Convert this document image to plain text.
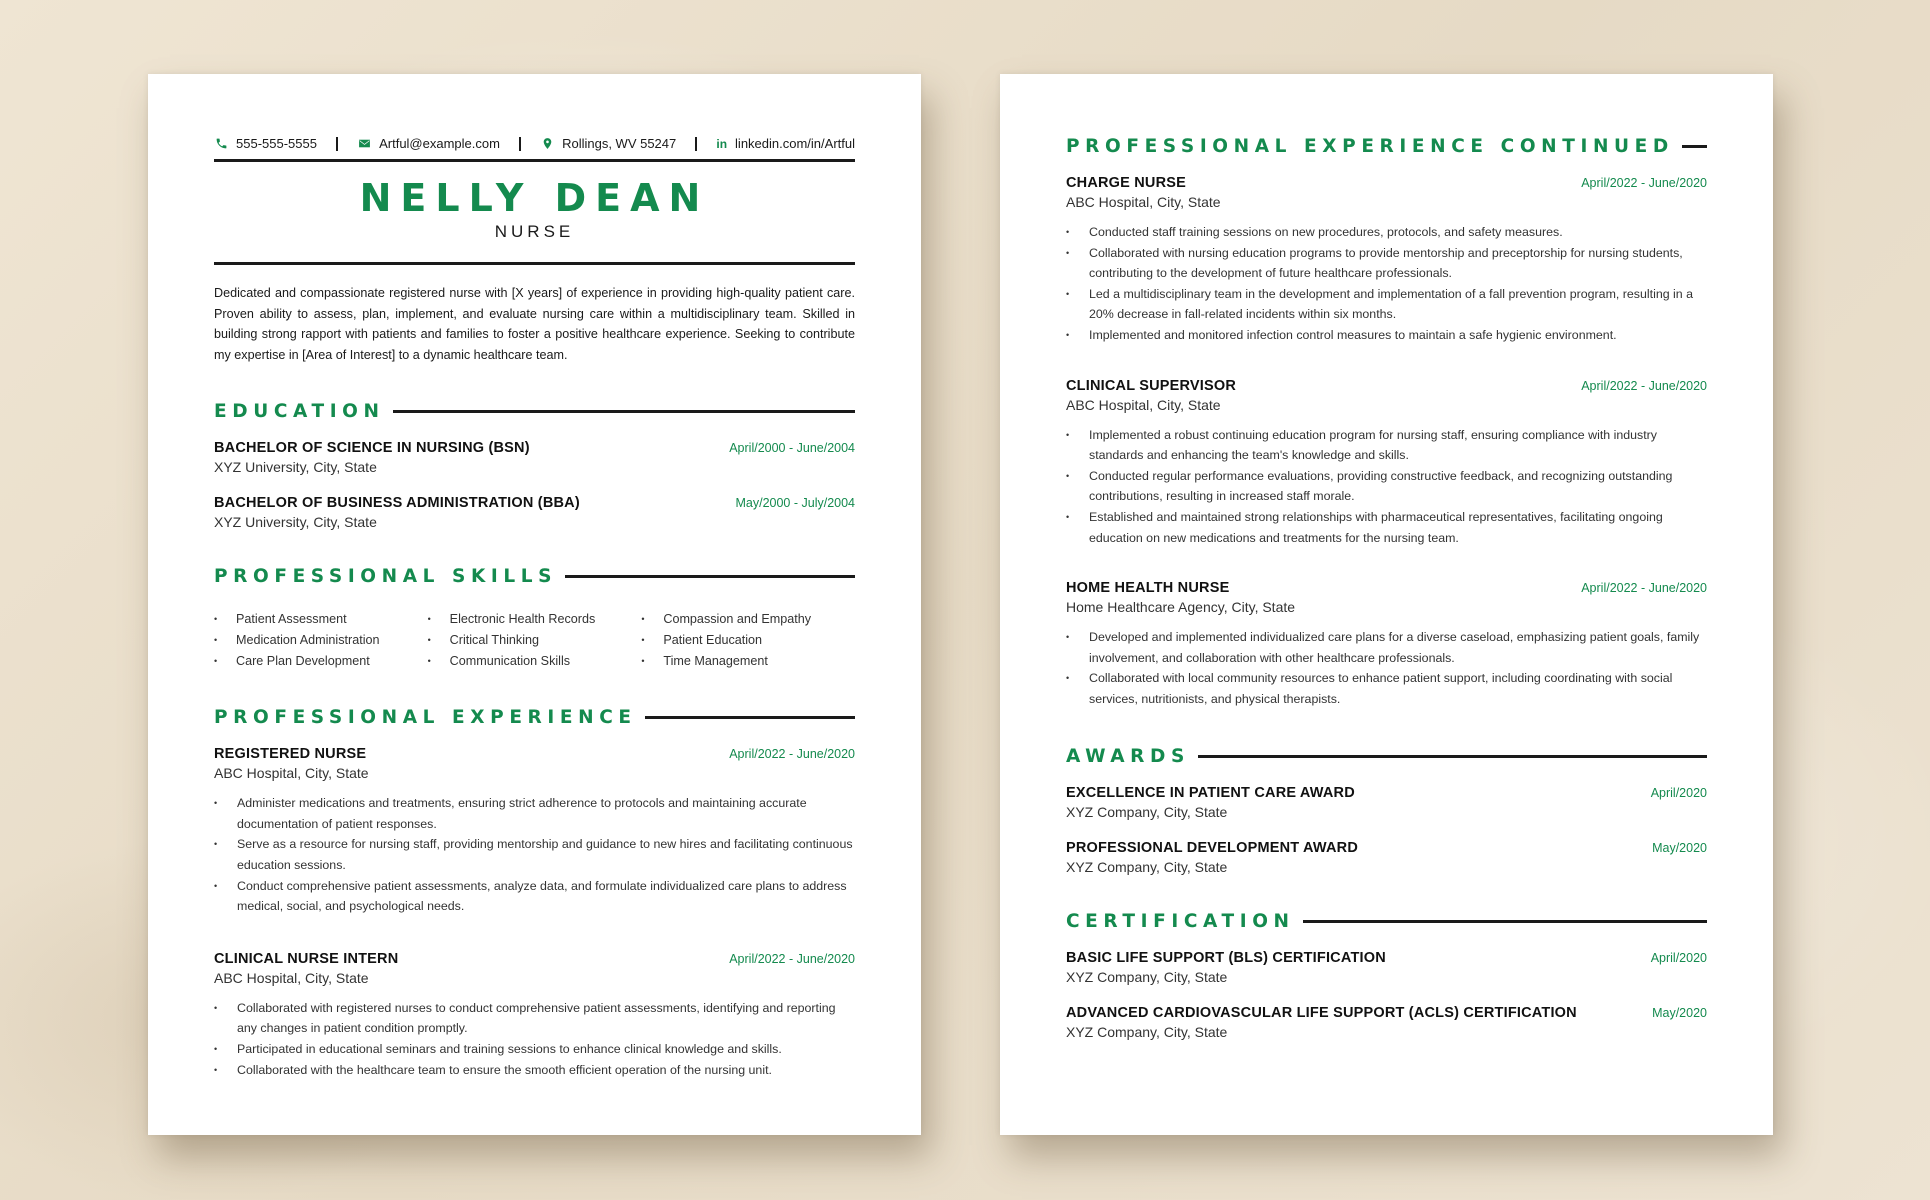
555-555-5555	Artful@example.com	Rollings, WV 55247	in linkedin.com/in/Artful
NELLY DEAN
NURSE

Dedicated and compassionate registered nurse with [X years] of experience in providing high-quality patient care. Proven ability to assess, plan, implement, and evaluate nursing care within a multidisciplinary team. Skilled in building strong rapport with patients and families to foster a positive healthcare experience. Seeking to contribute my expertise in [Area of Interest] to a dynamic healthcare team.

EDUCATION
BACHELOR OF SCIENCE IN NURSING (BSN)	April/2000 - June/2004
XYZ University, City, State
BACHELOR OF BUSINESS ADMINISTRATION (BBA)	May/2000 - July/2004
XYZ University, City, State
PROFESSIONAL SKILLS
• Patient Assessment
• Medication Administration
• Care Plan Development
• Electronic Health Records
• Critical Thinking
• Communication Skills
• Compassion and Empathy
• Patient Education
• Time Management
PROFESSIONAL EXPERIENCE
REGISTERED NURSE	April/2022 - June/2020
ABC Hospital, City, State
• Administer medications and treatments, ensuring strict adherence to protocols and maintaining accurate documentation of patient responses.
• Serve as a resource for nursing staff, providing mentorship and guidance to new hires and facilitating continuous education sessions.
• Conduct comprehensive patient assessments, analyze data, and formulate individualized care plans to address medical, social, and psychological needs.
CLINICAL NURSE INTERN	April/2022 - June/2020
ABC Hospital, City, State
• Collaborated with registered nurses to conduct comprehensive patient assessments, identifying and reporting any changes in patient condition promptly.
• Participated in educational seminars and training sessions to enhance clinical knowledge and skills.
• Collaborated with the healthcare team to ensure the smooth efficient operation of the nursing unit.
PROFESSIONAL EXPERIENCE CONTINUED
CHARGE NURSE	April/2022 - June/2020
ABC Hospital, City, State
• Conducted staff training sessions on new procedures, protocols, and safety measures.
• Collaborated with nursing education programs to provide mentorship and preceptorship for nursing students, contributing to the development of future healthcare professionals.
• Led a multidisciplinary team in the development and implementation of a fall prevention program, resulting in a 20% decrease in fall-related incidents within six months.
• Implemented and monitored infection control measures to maintain a safe hygienic environment.
CLINICAL SUPERVISOR	April/2022 - June/2020
ABC Hospital, City, State
• Implemented a robust continuing education program for nursing staff, ensuring compliance with industry standards and enhancing the team's knowledge and skills.
• Conducted regular performance evaluations, providing constructive feedback, and recognizing outstanding contributions, resulting in increased staff morale.
• Established and maintained strong relationships with pharmaceutical representatives, facilitating ongoing education on new medications and treatments for the nursing team.
HOME HEALTH NURSE	April/2022 - June/2020
Home Healthcare Agency, City, State
• Developed and implemented individualized care plans for a diverse caseload, emphasizing patient goals, family involvement, and collaboration with other healthcare professionals.
• Collaborated with local community resources to enhance patient support, including coordinating with social services, nutritionists, and physical therapists.
AWARDS
EXCELLENCE IN PATIENT CARE AWARD	April/2020
XYZ Company, City, State
PROFESSIONAL DEVELOPMENT AWARD	May/2020
XYZ Company, City, State
CERTIFICATION
BASIC LIFE SUPPORT (BLS) CERTIFICATION	April/2020
XYZ Company, City, State
ADVANCED CARDIOVASCULAR LIFE SUPPORT (ACLS) CERTIFICATION	May/2020
XYZ Company, City, State
